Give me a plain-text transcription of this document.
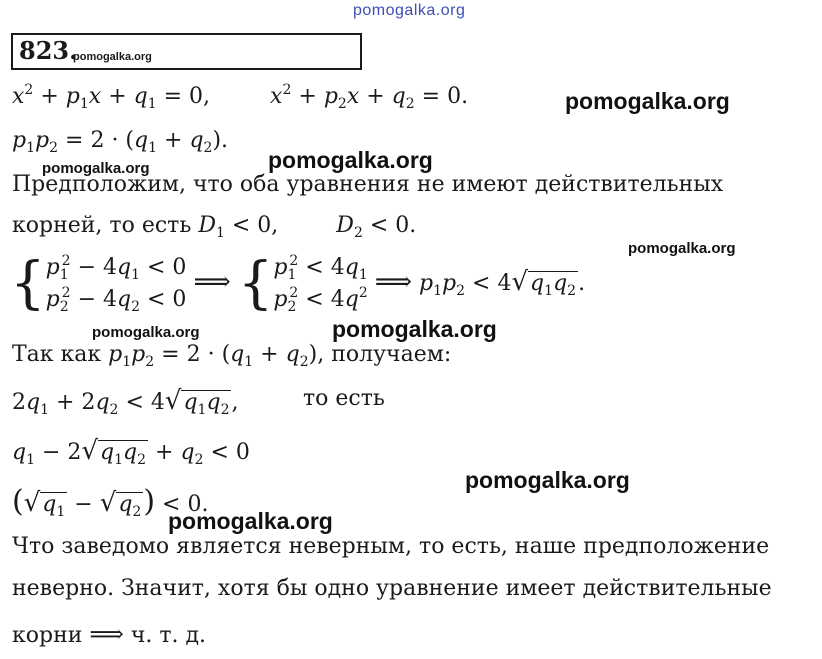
pomogalka.org
823.
pomogalka.org
$x^2 + p_1x + q_1 = 0$,  $x^2 + p_2x + q_2 = 0$.	pomogalka.org
$p_1p_2 = 2 \cdot (q_1 + q_2)$.
pomogalka.org
pomogalka.org
Предположим, что оба уравнения не имеют действительных
корней, то есть $D_1 < 0$,	$D_2 < 0$.
pomogalka.org
{$p_1^2 - 4q_1 < 0$
$p_2^2 - 4q_2 < 0$ ⟹ {$p_1^2 < 4q_1$
$p_2^2 < 4q^2$ ⟹ $p_1p_2 < 4√q_1q_2$.
pomogalka.org	pomogalka.org
Так как $p_1p_2 = 2 \cdot (q_1 + q_2)$, получаем:
$2q_1 + 2q_2 < 4√q_1q_2$,	то есть
$q_1 - 2√q_1q_2 + q_2 < 0$
$(√q_1 - √q_2) < 0$.
pomogalka.org
pomogalka.org
Что заведомо является неверным, то есть, наше предположение
неверно. Значит, хотя бы одно уравнение имеет действительные
корни ⟹ ч. т. д.
